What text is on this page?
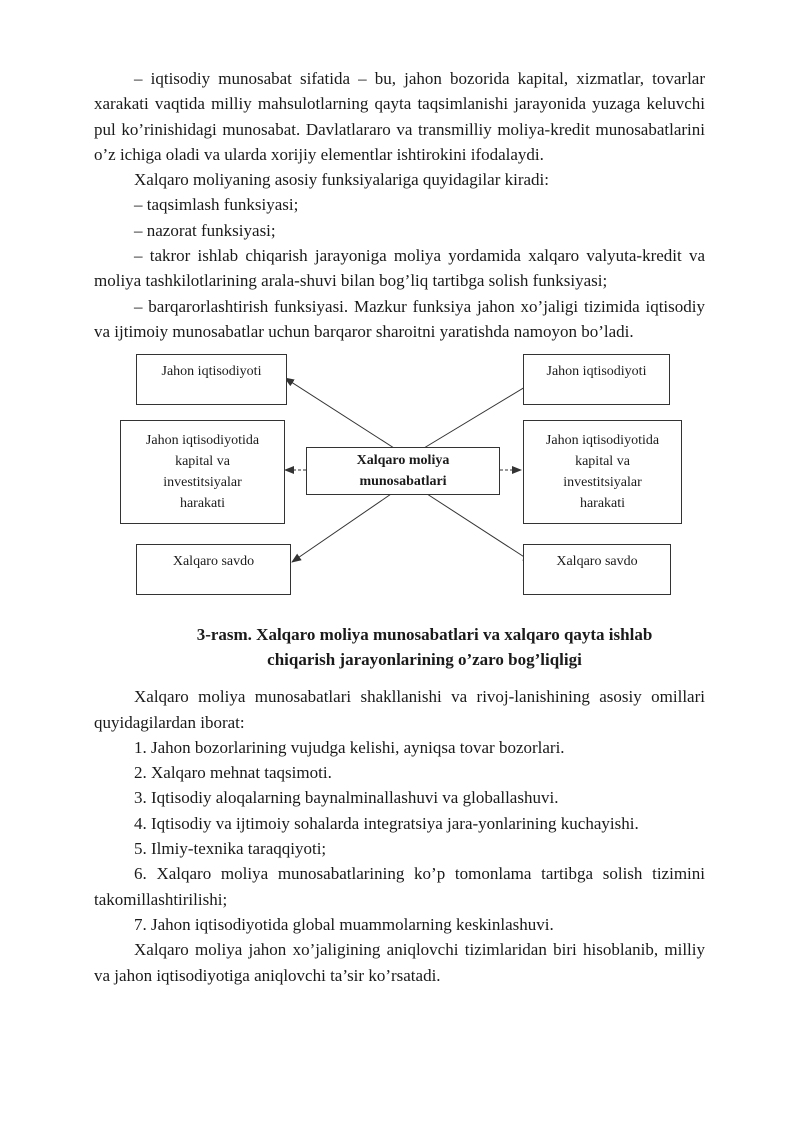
– iqtisodiy munosabat sifatida – bu, jahon bozorida kapital, xizmatlar, tovarlar xarakati vaqtida milliy mahsulotlarning qayta taqsimlanishi jarayonida yuzaga keluvchi pul ko’rinishidagi munosabat. Davlatlararo va transmilliy moliya-kredit munosabatlarini o’z ichiga oladi va ularda xorijiy elementlar ishtirokini ifodalaydi.

Xalqaro moliyaning asosiy funksiyalariga quyidagilar kiradi:

– taqsimlash funksiyasi;

– nazorat funksiyasi;

– takror ishlab chiqarish jarayoniga moliya yordamida xalqaro valyuta-kredit va moliya tashkilotlarining arala-shuvi bilan bog’liq tartibga solish funksiyasi;

– barqarorlashtirish funksiyasi. Mazkur funksiya jahon xo’jaligi tizimida iqtisodiy va ijtimoiy munosabatlar uchun barqaror sharoitni yaratishda namoyon bo’ladi.

Jahon iqtisodiyoti	Jahon iqtisodiyoti
Jahon iqtisodiyotida
kapital va
investitsiyalar
harakati
Xalqaro moliya
munosabatlari
Jahon iqtisodiyotida
kapital va
investitsiyalar
harakati
Xalqaro savdo	Xalqaro savdo
3-rasm. Xalqaro moliya munosabatlari va xalqaro qayta ishlab
chiqarish jarayonlarining o’zaro bog’liqligi

Xalqaro moliya munosabatlari shakllanishi va rivoj-lanishining asosiy omillari quyidagilardan iborat:

1. Jahon bozorlarining vujudga kelishi, ayniqsa tovar bozorlari.

2. Xalqaro mehnat taqsimoti.

3. Iqtisodiy aloqalarning baynalminallashuvi va globallashuvi.

4. Iqtisodiy va ijtimoiy sohalarda integratsiya jara-yonlarining kuchayishi.

5. Ilmiy-texnika taraqqiyoti;

6. Xalqaro moliya munosabatlarining ko’p tomonlama tartibga solish tizimini takomillashtirilishi;

7. Jahon iqtisodiyotida global muammolarning keskinlashuvi.

Xalqaro moliya jahon xo’jaligining aniqlovchi tizimlaridan biri hisoblanib, milliy va jahon iqtisodiyotiga aniqlovchi ta’sir ko’rsatadi.
